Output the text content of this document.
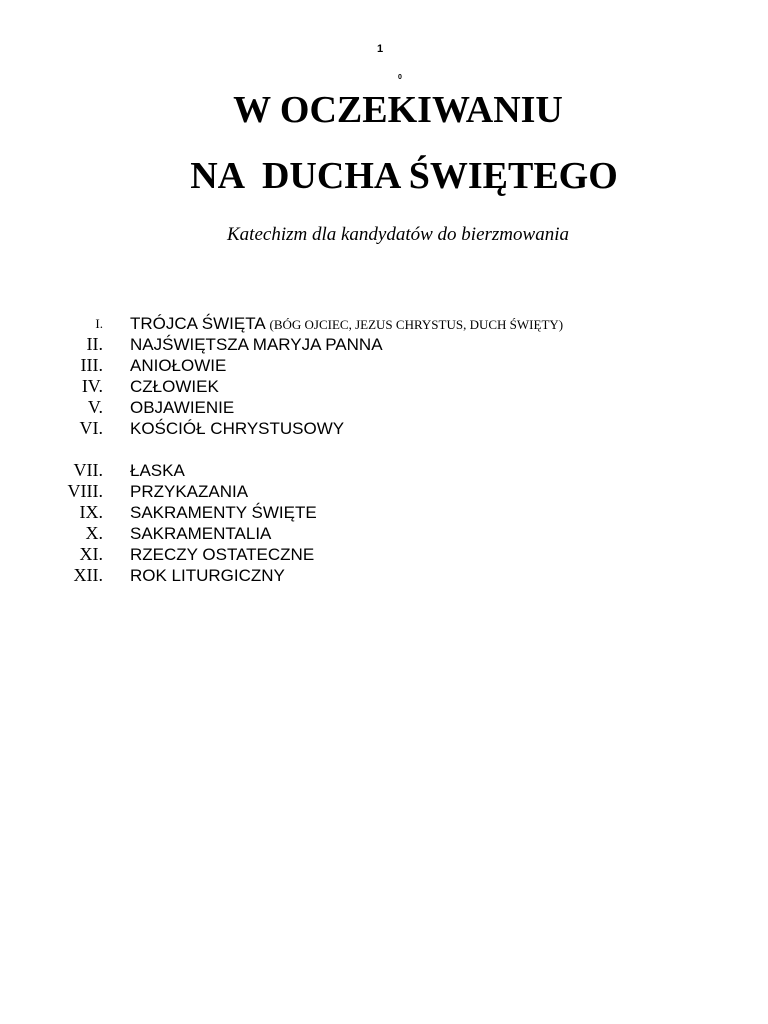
1
0
W OCZEKIWANIU
NA  DUCHA ŚWIĘTEGO
Katechizm dla kandydatów do bierzmowania
I. TRÓJCA ŚWIĘTA (BÓG OJCIEC, JEZUS CHRYSTUS, DUCH ŚWIĘTY)
II. NAJŚWIĘTSZA MARYJA PANNA
III. ANIOŁOWIE
IV. CZŁOWIEK
V. OBJAWIENIE
VI. KOŚCIÓŁ CHRYSTUSOWY
VII. ŁASKA
VIII. PRZYKAZANIA
IX. SAKRAMENTY ŚWIĘTE
X. SAKRAMENTALIA
XI. RZECZY OSTATECZNE
XII. ROK LITURGICZNY
